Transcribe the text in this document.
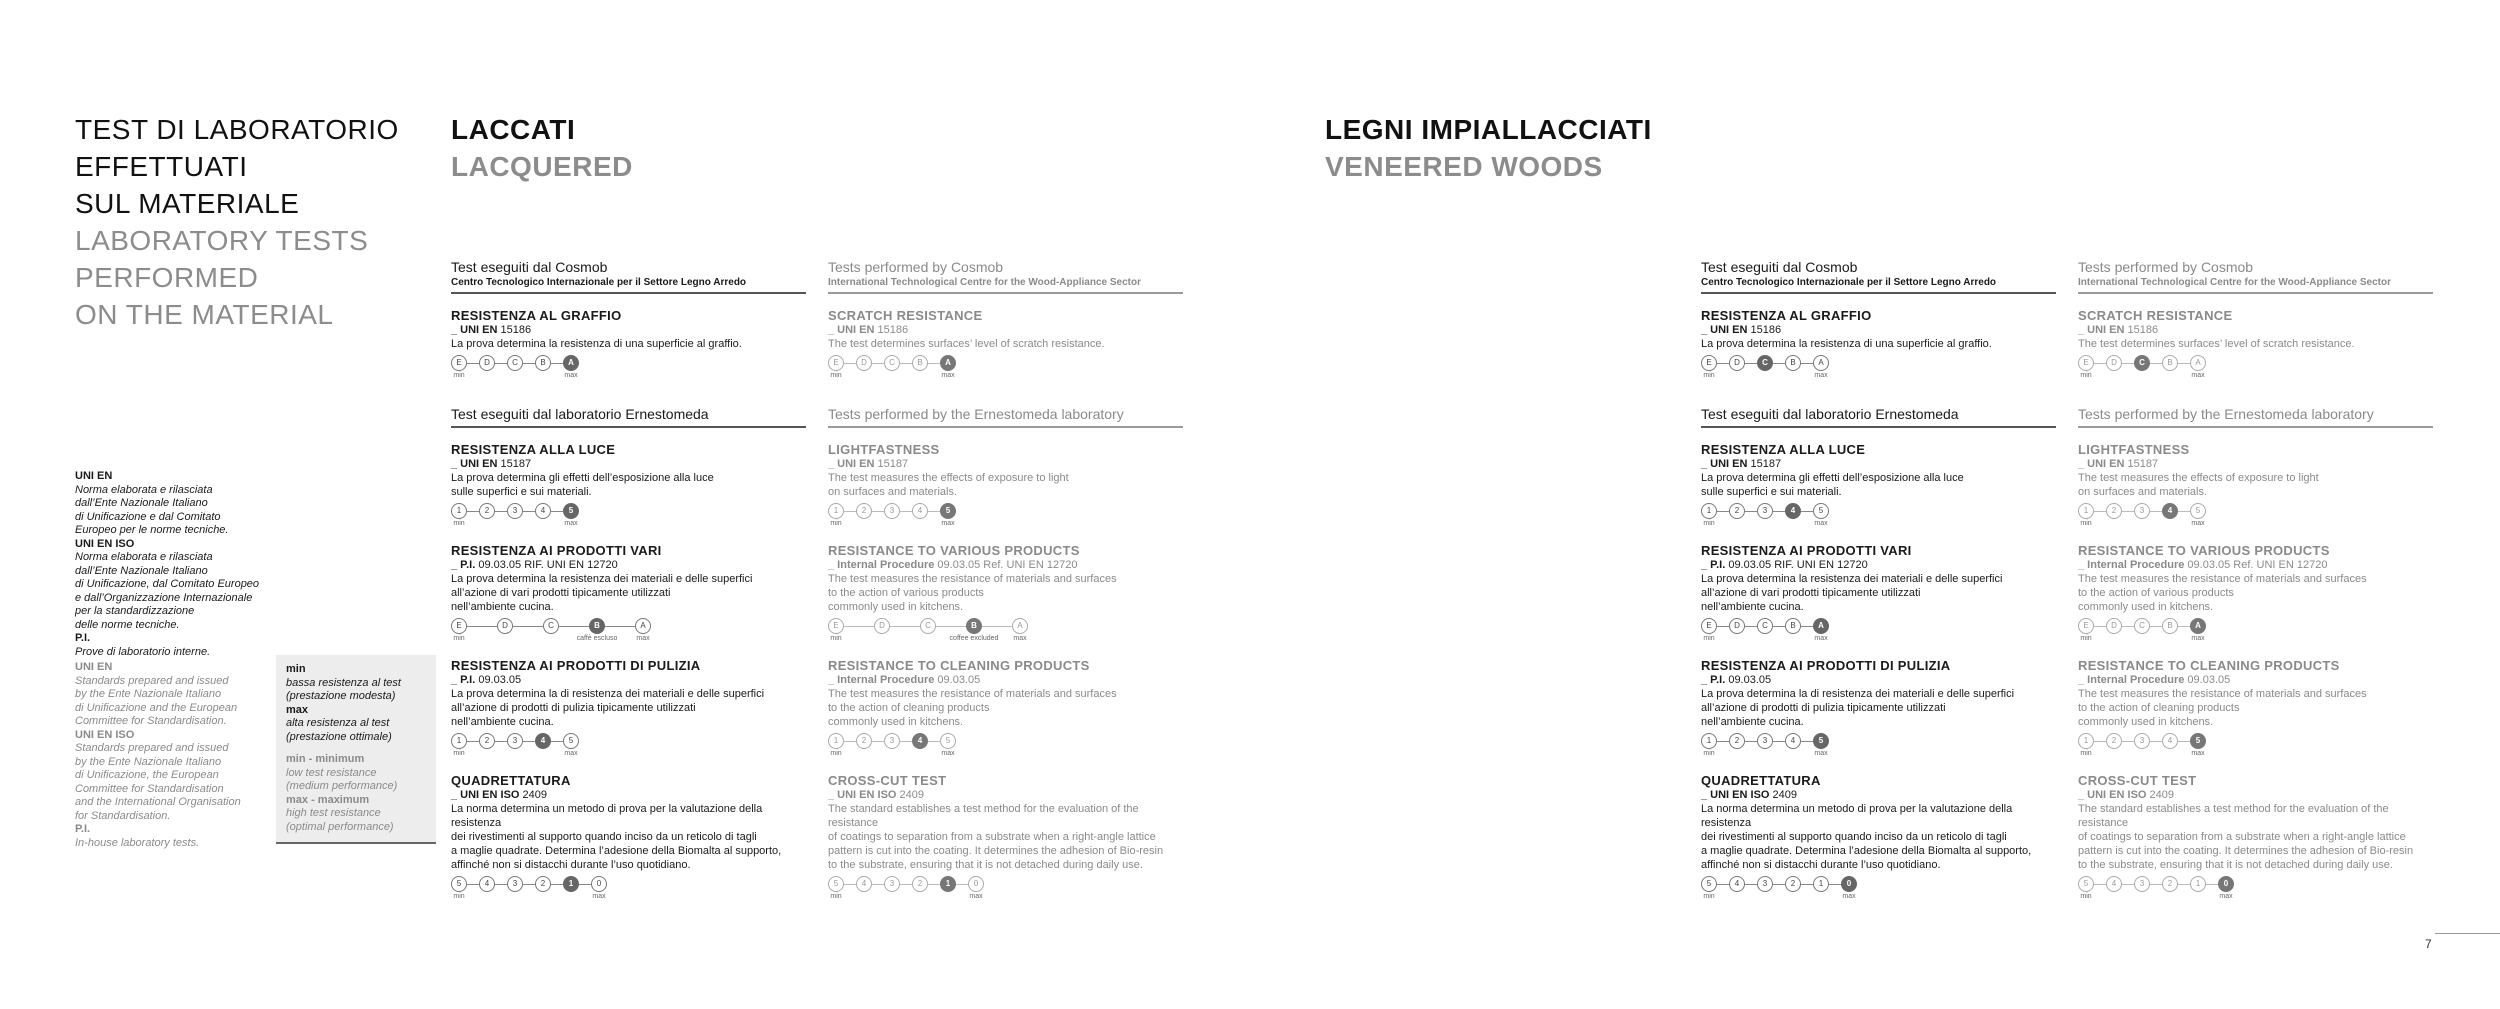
TEST DI LABORATORIO
EFFETTUATI
SUL MATERIALE
LABORATORY TESTS
PERFORMED
ON THE MATERIAL
UNI EN
Norma elaborata e rilasciata
dall’Ente Nazionale Italiano
di Unificazione e dal Comitato
Europeo per le norme tecniche.
UNI EN ISO
Norma elaborata e rilasciata
dall’Ente Nazionale Italiano
di Unificazione, dal Comitato Europeo
e dall’Organizzazione Internazionale
per la standardizzazione
delle norme tecniche.
P.I.
Prove di laboratorio interne.
UNI EN
Standards prepared and issued
by the Ente Nazionale Italiano
di Unificazione and the European
Committee for Standardisation.
UNI EN ISO
Standards prepared and issued
by the Ente Nazionale Italiano
di Unificazione, the European
Committee for Standardisation
and the International Organisation
for Standardisation.
P.I.
In-house laboratory tests.
min
bassa resistenza al test
(prestazione modesta)
max
alta resistenza al test
(prestazione ottimale)
min - minimum
low test resistance
(medium performance)
max - maximum
high test resistance
(optimal performance)
LACCATI
LACQUERED
LEGNI IMPIALLACCIATI
VENEERED WOODS
Test eseguiti dal Cosmob
Centro Tecnologico Internazionale per il Settore Legno Arredo
RESISTENZA AL GRAFFIO
_ UNI EN 15186
La prova determina la resistenza di una superficie al graffio.
E
min
D	C	B	A
max
Test eseguiti dal laboratorio Ernestomeda
RESISTENZA ALLA LUCE
_ UNI EN 15187
La prova determina gli effetti dell’esposizione alla luce
sulle superfici e sui materiali.
1
min
2	3	4	5
max
RESISTENZA AI PRODOTTI VARI
_ P.I. 09.03.05 RIF. UNI EN 12720
La prova determina la resistenza dei materiali e delle superfici
all’azione di vari prodotti tipicamente utilizzati
nell’ambiente cucina.
E
min
D	C	B
caffè escluso
A
max
RESISTENZA AI PRODOTTI DI PULIZIA
_ P.I. 09.03.05
La prova determina la di resistenza dei materiali e delle superfici
all’azione di prodotti di pulizia tipicamente utilizzati
nell’ambiente cucina.
1
min
2	3	4	5
max
QUADRETTATURA
_ UNI EN ISO 2409
La norma determina un metodo di prova per la valutazione della resistenza
dei rivestimenti al supporto quando inciso da un reticolo di tagli
a maglie quadrate. Determina l’adesione della Biomalta al supporto,
affinché non si distacchi durante l’uso quotidiano.
5
min
4	3	2	1	0
max
Tests performed by Cosmob
International Technological Centre for the Wood-Appliance Sector
SCRATCH RESISTANCE
_ UNI EN 15186
The test determines surfaces’ level of scratch resistance.
E
min
D	C	B	A
max
Tests performed by the Ernestomeda laboratory
LIGHTFASTNESS
_ UNI EN 15187
The test measures the effects of exposure to light
on surfaces and materials.
1
min
2	3	4	5
max
RESISTANCE TO VARIOUS PRODUCTS
_ Internal Procedure 09.03.05 Ref. UNI EN 12720
The test measures the resistance of materials and surfaces
to the action of various products
commonly used in kitchens.
E
min
D	C	B
coffee excluded
A
max
RESISTANCE TO CLEANING PRODUCTS
_ Internal Procedure 09.03.05
The test measures the resistance of materials and surfaces
to the action of cleaning products
commonly used in kitchens.
1
min
2	3	4	5
max
CROSS-CUT TEST
_ UNI EN ISO 2409
The standard establishes a test method for the evaluation of the resistance
of coatings to separation from a substrate when a right-angle lattice
pattern is cut into the coating. It determines the adhesion of Bio-resin
to the substrate, ensuring that it is not detached during daily use.
5
min
4	3	2	1	0
max
Test eseguiti dal Cosmob
Centro Tecnologico Internazionale per il Settore Legno Arredo
RESISTENZA AL GRAFFIO
_ UNI EN 15186
La prova determina la resistenza di una superficie al graffio.
E
min
D	C	B	A
max
Test eseguiti dal laboratorio Ernestomeda
RESISTENZA ALLA LUCE
_ UNI EN 15187
La prova determina gli effetti dell’esposizione alla luce
sulle superfici e sui materiali.
1
min
2	3	4	5
max
RESISTENZA AI PRODOTTI VARI
_ P.I. 09.03.05 RIF. UNI EN 12720
La prova determina la resistenza dei materiali e delle superfici
all’azione di vari prodotti tipicamente utilizzati
nell’ambiente cucina.
E
min
D	C	B	A
max
RESISTENZA AI PRODOTTI DI PULIZIA
_ P.I. 09.03.05
La prova determina la di resistenza dei materiali e delle superfici
all’azione di prodotti di pulizia tipicamente utilizzati
nell’ambiente cucina.
1
min
2	3	4	5
max
QUADRETTATURA
_ UNI EN ISO 2409
La norma determina un metodo di prova per la valutazione della resistenza
dei rivestimenti al supporto quando inciso da un reticolo di tagli
a maglie quadrate. Determina l’adesione della Biomalta al supporto,
affinché non si distacchi durante l’uso quotidiano.
5
min
4	3	2	1	0
max
Tests performed by Cosmob
International Technological Centre for the Wood-Appliance Sector
SCRATCH RESISTANCE
_ UNI EN 15186
The test determines surfaces’ level of scratch resistance.
E
min
D	C	B	A
max
Tests performed by the Ernestomeda laboratory
LIGHTFASTNESS
_ UNI EN 15187
The test measures the effects of exposure to light
on surfaces and materials.
1
min
2	3	4	5
max
RESISTANCE TO VARIOUS PRODUCTS
_ Internal Procedure 09.03.05 Ref. UNI EN 12720
The test measures the resistance of materials and surfaces
to the action of various products
commonly used in kitchens.
E
min
D	C	B	A
max
RESISTANCE TO CLEANING PRODUCTS
_ Internal Procedure 09.03.05
The test measures the resistance of materials and surfaces
to the action of cleaning products
commonly used in kitchens.
1
min
2	3	4	5
max
CROSS-CUT TEST
_ UNI EN ISO 2409
The standard establishes a test method for the evaluation of the resistance
of coatings to separation from a substrate when a right-angle lattice
pattern is cut into the coating. It determines the adhesion of Bio-resin
to the substrate, ensuring that it is not detached during daily use.
5
min
4	3	2	1	0
max
7
